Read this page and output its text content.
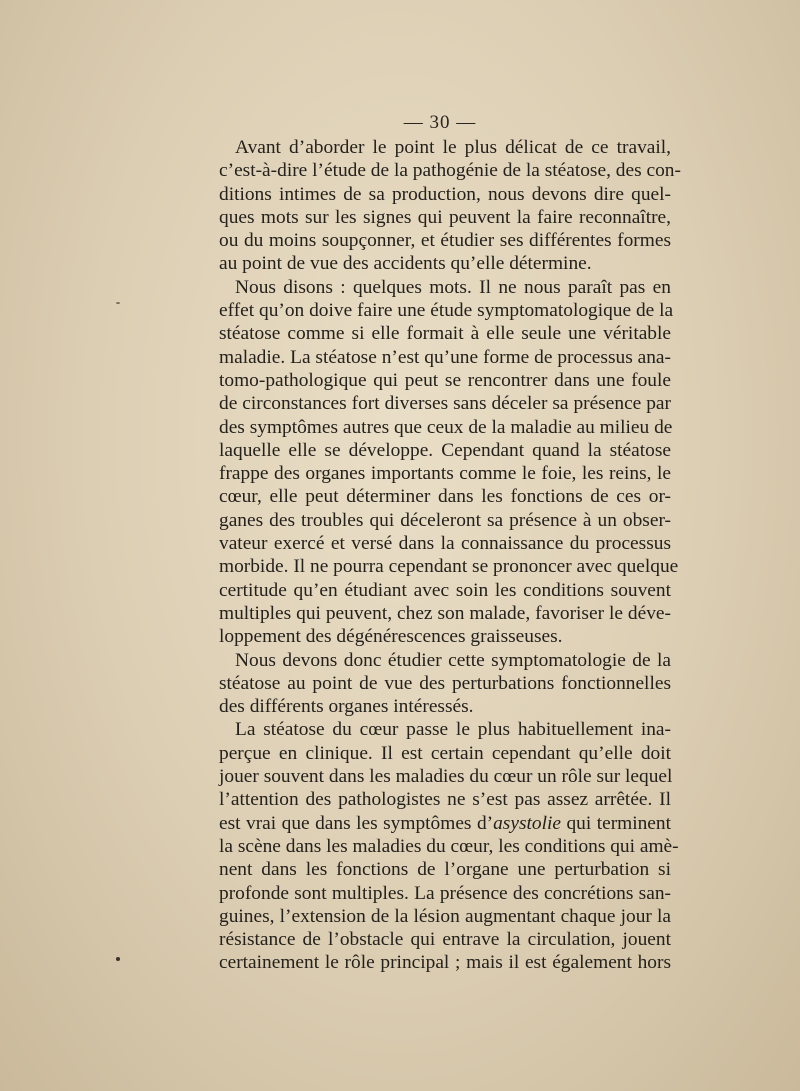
— 30 —
Avant d’aborder le point le plus délicat de ce travail,
c’est-à-dire l’étude de la pathogénie de la stéatose, des con-
ditions intimes de sa production, nous devons dire quel-
ques mots sur les signes qui peuvent la faire reconnaître,
ou du moins soupçonner, et étudier ses différentes formes
au point de vue des accidents qu’elle détermine.
Nous disons : quelques mots. Il ne nous paraît pas en
effet qu’on doive faire une étude symptomatologique de la
stéatose comme si elle formait à elle seule une véritable
maladie. La stéatose n’est qu’une forme de processus ana-
tomo-pathologique qui peut se rencontrer dans une foule
de circonstances fort diverses sans déceler sa présence par
des symptômes autres que ceux de la maladie au milieu de
laquelle elle se développe. Cependant quand la stéatose
frappe des organes importants comme le foie, les reins, le
cœur, elle peut déterminer dans les fonctions de ces or-
ganes des troubles qui déceleront sa présence à un obser-
vateur exercé et versé dans la connaissance du processus
morbide. Il ne pourra cependant se prononcer avec quelque
certitude qu’en étudiant avec soin les conditions souvent
multiples qui peuvent, chez son malade, favoriser le déve-
loppement des dégénérescences graisseuses.
Nous devons donc étudier cette symptomatologie de la
stéatose au point de vue des perturbations fonctionnelles
des différents organes intéressés.
La stéatose du cœur passe le plus habituellement ina-
perçue en clinique. Il est certain cependant qu’elle doit
jouer souvent dans les maladies du cœur un rôle sur lequel
l’attention des pathologistes ne s’est pas assez arrêtée. Il
est vrai que dans les symptômes d’asystolie qui terminent
la scène dans les maladies du cœur, les conditions qui amè-
nent dans les fonctions de l’organe une perturbation si
profonde sont multiples. La présence des concrétions san-
guines, l’extension de la lésion augmentant chaque jour la
résistance de l’obstacle qui entrave la circulation, jouent
certainement le rôle principal ; mais il est également hors
